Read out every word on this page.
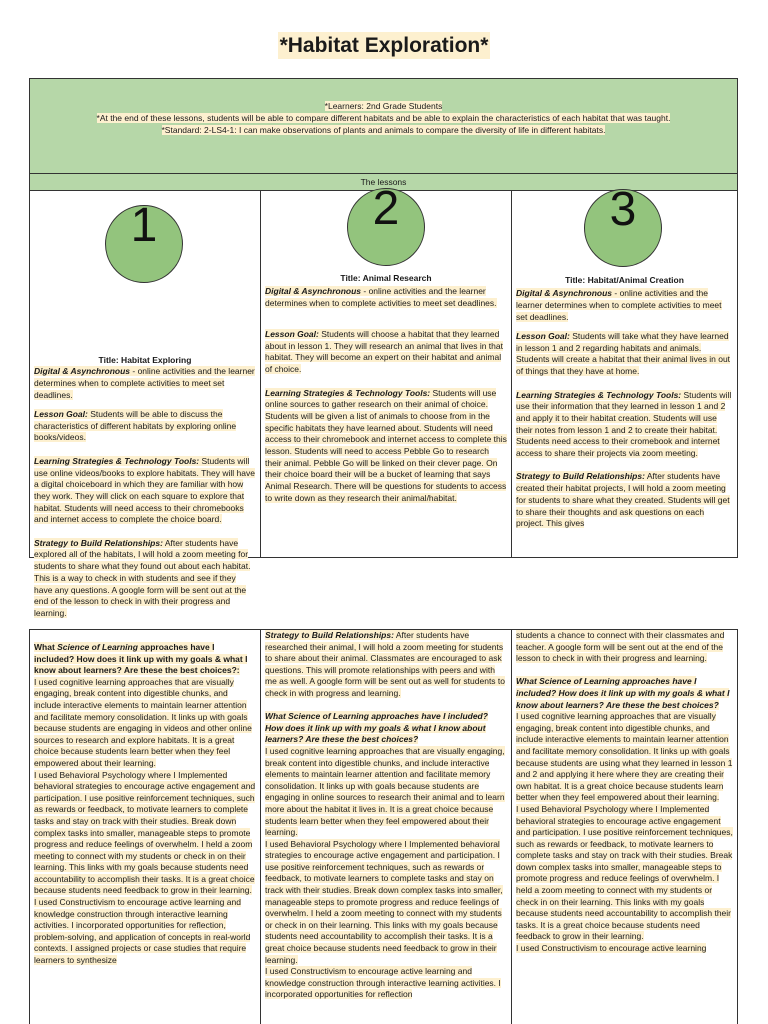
*Habitat Exploration*
*Learners: 2nd Grade Students
*At the end of these lessons, students will be able to compare different habitats and be able to explain the characteristics of each habitat that was taught.
*Standard: 2-LS4-1: I can make observations of plants and animals to compare the diversity of life in different habitats.
The lessons
1
Title: Habitat Exploring
Digital & Asynchronous - online activities and the learner determines when to complete activities to meet set deadlines.

Lesson Goal: Students will be able to discuss the characteristics of different habitats by exploring online books/videos.

Learning Strategies & Technology Tools: Students will use online videos/books to explore habitats. They will have a digital choiceboard in which they are familiar with how they work. They will click on each square to explore that habitat. Students will need access to their chromebooks and internet access to complete the choice board.

Strategy to Build Relationships: After students have explored all of the habitats, I will hold a zoom meeting for students to share what they found out about each habitat. This is a way to check in with students and see if they have any questions. A google form will be sent out at the end of the lesson to check in with their progress and learning.

2
Title: Animal Research
Digital & Asynchronous - online activities and the learner determines when to complete activities to meet set deadlines.

Lesson Goal: Students will choose a habitat that they learned about in lesson 1. They will research an animal that lives in that habitat. They will become an expert on their habitat and animal of choice.

Learning Strategies & Technology Tools: Students will use online sources to gather research on their animal of choice. Students will be given a list of animals to choose from in the specific habitats they have learned about. Students will need access to their chromebook and internet access to complete this lesson. Students will need to access Pebble Go to research their animal. Pebble Go will be linked on their clever page. On their choice board their will be a bucket of learning that says Animal Research. There will be questions for students to access to write down as they research their animal/habitat.

3
Title: Habitat/Animal Creation
Digital & Asynchronous - online activities and the learner determines when to complete activities to meet set deadlines.

Lesson Goal: Students will take what they have learned in lesson 1 and 2 regarding habitats and animals. Students will create a habitat that their animal lives in out of things that they have at home.

Learning Strategies & Technology Tools: Students will use their information that they learned in lesson 1 and 2 and apply it to their habitat creation. Students will use their notes from lesson 1 and 2 to create their habitat. Students need access to their cromebook and internet access to share their projects via zoom meeting.

Strategy to Build Relationships: After students have created their habitat projects, I will hold a zoom meeting for students to share what they created. Students will get to share their thoughts and ask questions on each project. This gives

What Science of Learning approaches have I included? How does it link up with my goals & what I know about learners? Are these the best choices?:

I used cognitive learning approaches that are visually engaging, break content into digestible chunks, and include interactive elements to maintain learner attention and facilitate memory consolidation. It links up with goals because students are engaging in videos and other online sources to research and explore habitats. It is a great choice because students learn better when they feel empowered about their learning.

I used Behavioral Psychology where I Implemented behavioral strategies to encourage active engagement and participation. I use positive reinforcement techniques, such as rewards or feedback, to motivate learners to complete tasks and stay on track with their studies. Break down complex tasks into smaller, manageable steps to promote progress and reduce feelings of overwhelm. I held a zoom meeting to connect with my students or check in on their learning. This links with my goals because students need accountability to accomplish their tasks. It is a great choice because students need feedback to grow in their learning.

I used Constructivism to encourage active learning and knowledge construction through interactive learning activities. I incorporated opportunities for reflection, problem-solving, and application of concepts in real-world contexts. I assigned projects or case studies that require learners to synthesize

Strategy to Build Relationships: After students have researched their animal, I will hold a zoom meeting for students to share about their animal. Classmates are encouraged to ask questions. This will promote relationships with peers and with me as well. A google form will be sent out as well for students to check in with progress and learning.

What Science of Learning approaches have I included? How does it link up with my goals & what I know about learners? Are these the best choices?

I used cognitive learning approaches that are visually engaging, break content into digestible chunks, and include interactive elements to maintain learner attention and facilitate memory consolidation. It links up with goals because students are engaging in online sources to research their animal and to learn more about the habitat it lives in. It is a great choice because students learn better when they feel empowered about their learning.

I used Behavioral Psychology where I Implemented behavioral strategies to encourage active engagement and participation. I use positive reinforcement techniques, such as rewards or feedback, to motivate learners to complete tasks and stay on track with their studies. Break down complex tasks into smaller, manageable steps to promote progress and reduce feelings of overwhelm. I held a zoom meeting to connect with my students or check in on their learning. This links with my goals because students need accountability to accomplish their tasks. It is a great choice because students need feedback to grow in their learning.

I used Constructivism to encourage active learning and knowledge construction through interactive learning activities. I incorporated opportunities for reflection

students a chance to connect with their classmates and teacher. A google form will be sent out at the end of the lesson to check in with their progress and learning.

What Science of Learning approaches have I included? How does it link up with my goals & what I know about learners? Are these the best choices?

I used cognitive learning approaches that are visually engaging, break content into digestible chunks, and include interactive elements to maintain learner attention and facilitate memory consolidation. It links up with goals because students are using what they learned in lesson 1 and 2 and applying it here where they are creating their own habitat. It is a great choice because students learn better when they feel empowered about their learning.

I used Behavioral Psychology where I Implemented behavioral strategies to encourage active engagement and participation. I use positive reinforcement techniques, such as rewards or feedback, to motivate learners to complete tasks and stay on track with their studies. Break down complex tasks into smaller, manageable steps to promote progress and reduce feelings of overwhelm. I held a zoom meeting to connect with my students or check in on their learning. This links with my goals because students need accountability to accomplish their tasks. It is a great choice because students need feedback to grow in their learning.

I used Constructivism to encourage active learning
